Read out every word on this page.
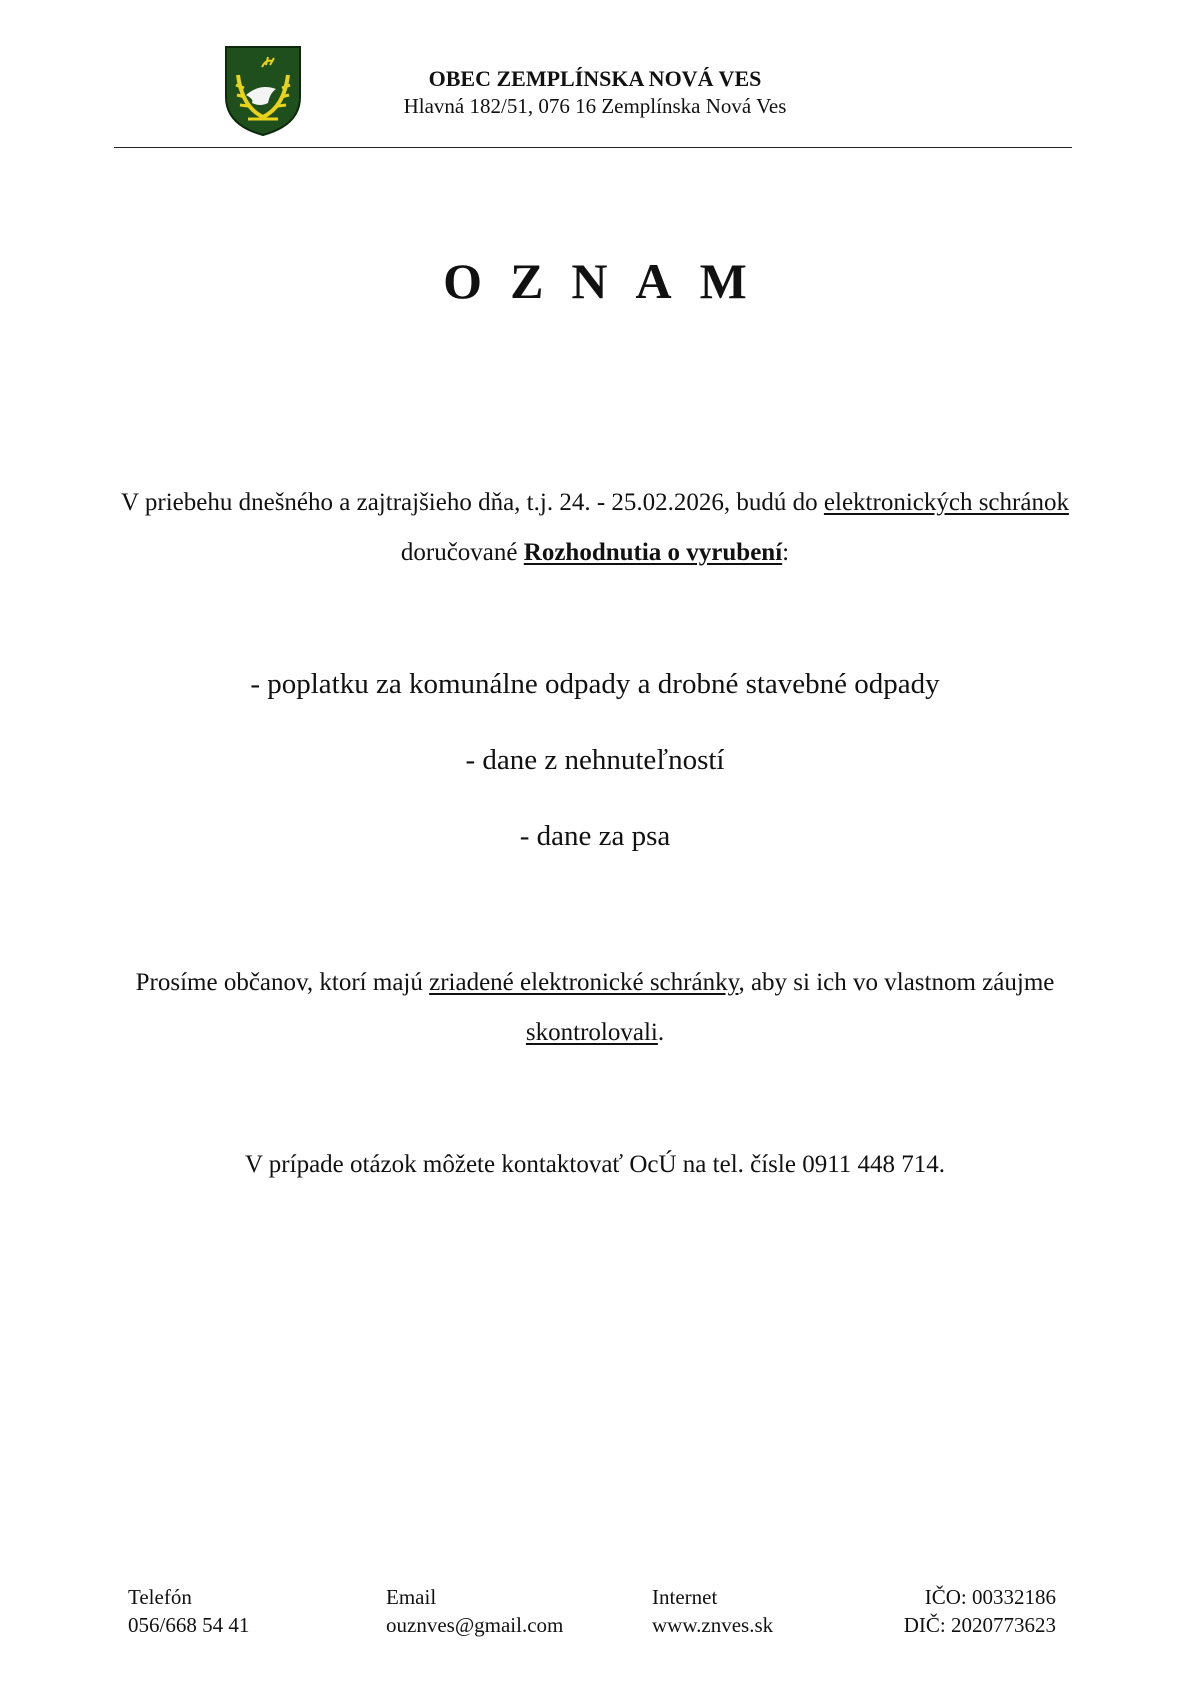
OBEC ZEMPLÍNSKA NOVÁ VES
Hlavná 182/51, 076 16 Zemplínska Nová Ves
OZNAM
V priebehu dnešného a zajtrajšieho dňa, t.j. 24. - 25.02.2026, budú do elektronických schránok doručované Rozhodnutia o vyrubení:
- poplatku za komunálne odpady a drobné stavebné odpady
- dane z nehnuteľností
- dane za psa
Prosíme občanov, ktorí majú zriadené elektronické schránky, aby si ich vo vlastnom záujme skontrolovali.
V prípade otázok môžete kontaktovať OcÚ na tel. čísle 0911 448 714.
Telefón
056/668 54 41
Email
ouznves@gmail.com
Internet
www.znves.sk
IČO: 00332186
DIČ: 2020773623
